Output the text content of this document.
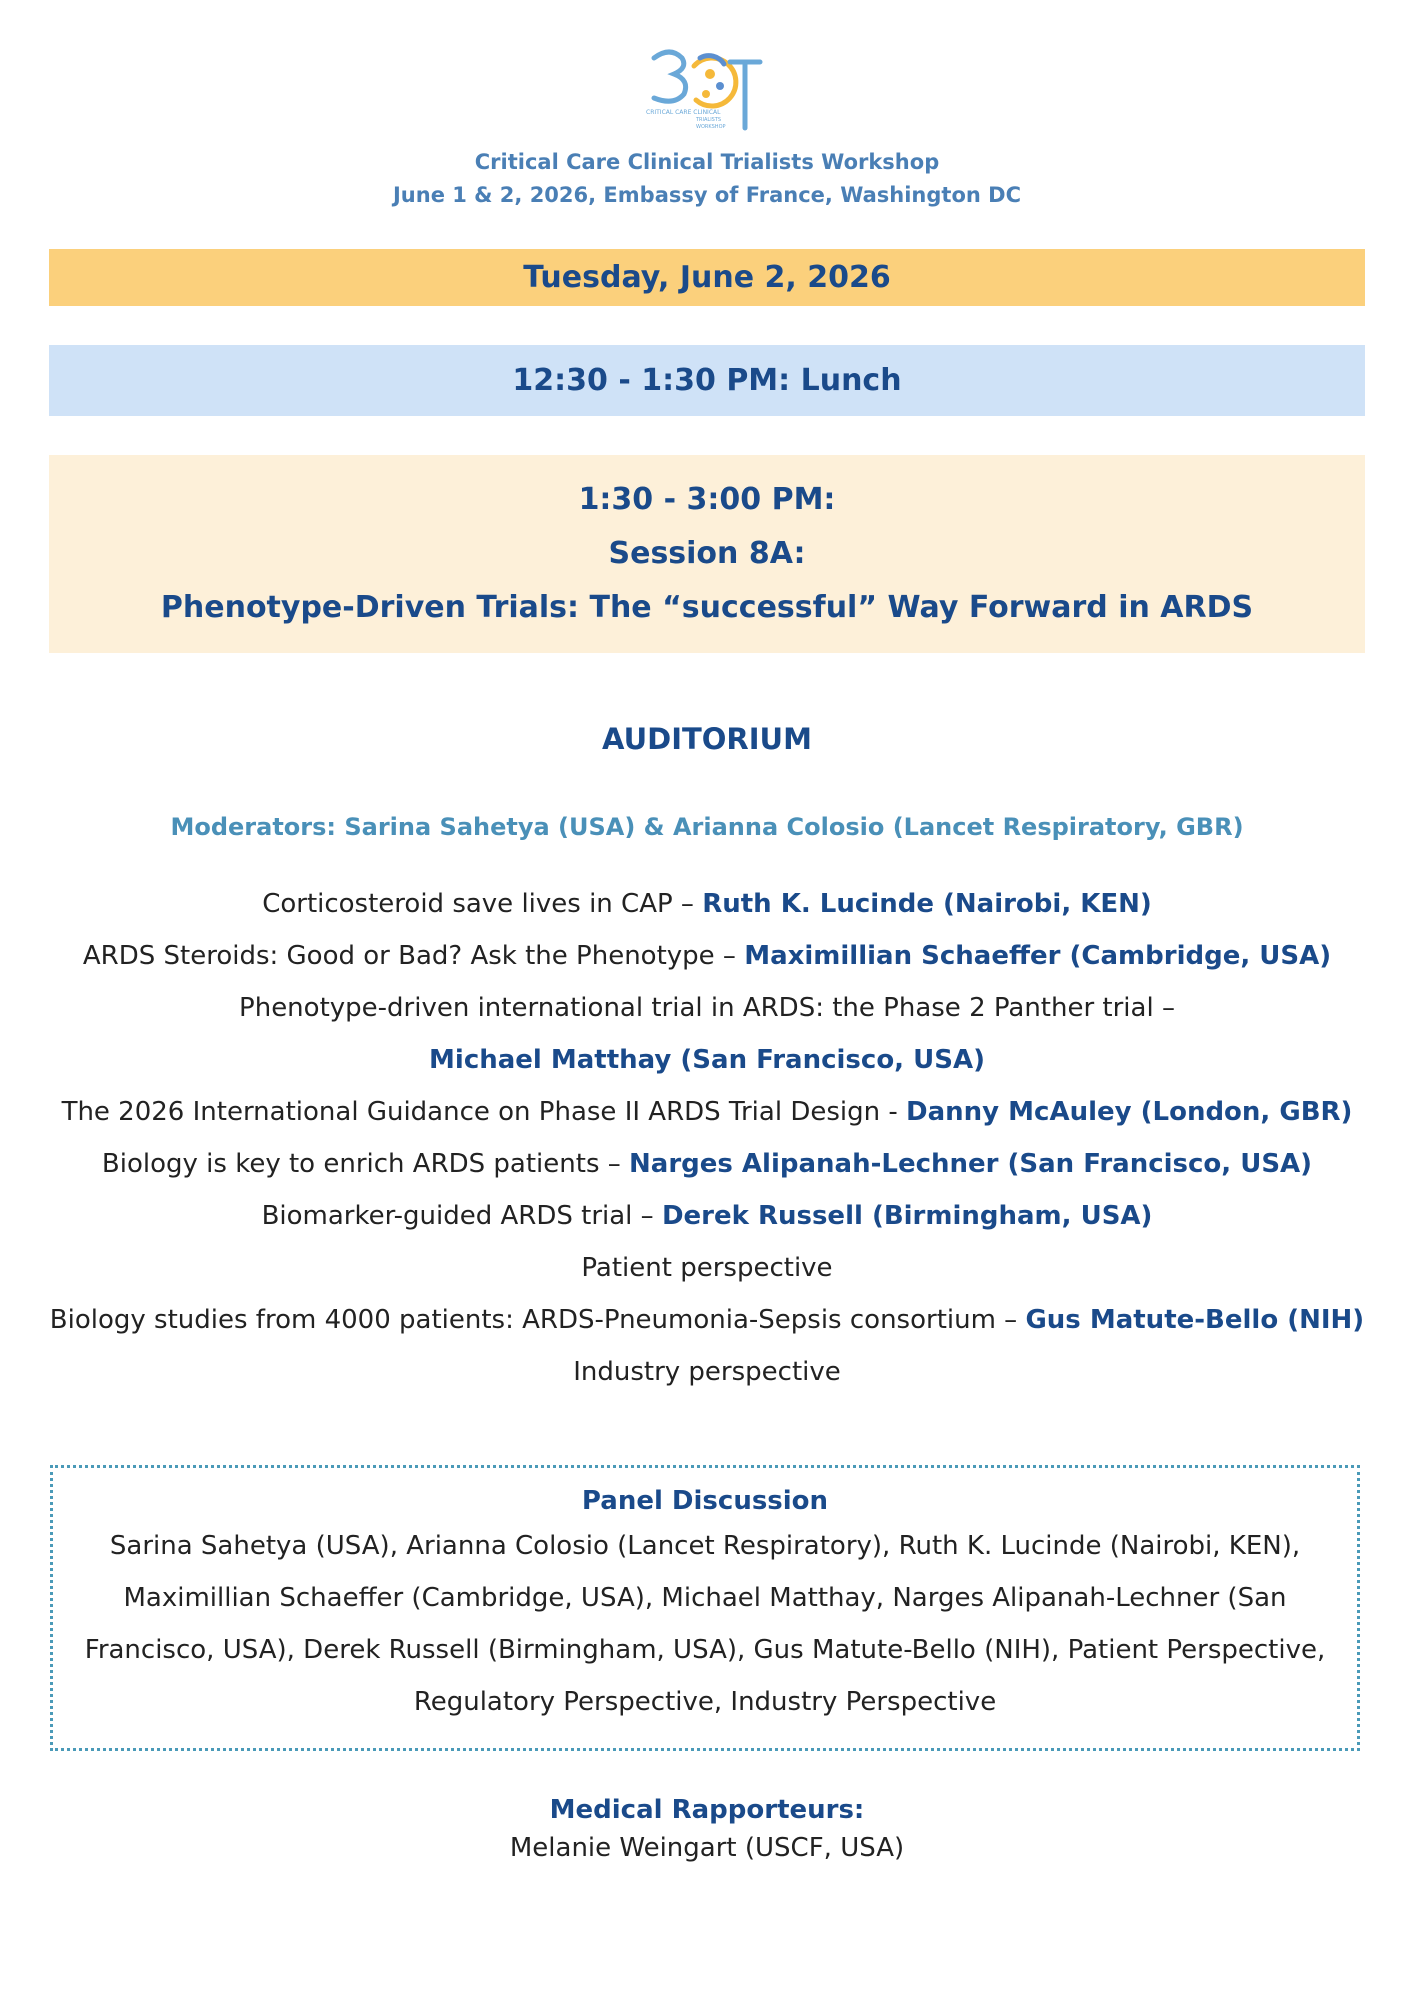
CRITICAL CARE CLINICAL
TRIALISTS
WORKSHOP
Critical Care Clinical Trialists Workshop
June 1 & 2, 2026, Embassy of France, Washington DC
Tuesday, June 2, 2026
12:30 - 1:30 PM: Lunch
1:30 - 3:00 PM:
Session 8A:
Phenotype-Driven Trials: The “successful” Way Forward in ARDS
AUDITORIUM
Moderators: Sarina Sahetya (USA) & Arianna Colosio (Lancet Respiratory, GBR)
Corticosteroid save lives in CAP – Ruth K. Lucinde (Nairobi, KEN)
ARDS Steroids: Good or Bad? Ask the Phenotype – Maximillian Schaeffer (Cambridge, USA)
Phenotype-driven international trial in ARDS: the Phase 2 Panther trial –
Michael Matthay (San Francisco, USA)
The 2026 International Guidance on Phase II ARDS Trial Design - Danny McAuley (London, GBR)
Biology is key to enrich ARDS patients – Narges Alipanah-Lechner (San Francisco, USA)
Biomarker-guided ARDS trial – Derek Russell (Birmingham, USA)
Patient perspective
Biology studies from 4000 patients: ARDS-Pneumonia-Sepsis consortium – Gus Matute-Bello (NIH)
Industry perspective
Panel Discussion
Sarina Sahetya (USA), Arianna Colosio (Lancet Respiratory), Ruth K. Lucinde (Nairobi, KEN), Maximillian Schaeffer (Cambridge, USA), Michael Matthay, Narges Alipanah-Lechner (San Francisco, USA), Derek Russell (Birmingham, USA), Gus Matute-Bello (NIH), Patient Perspective, Regulatory Perspective, Industry Perspective
Medical Rapporteurs:
Melanie Weingart (USCF, USA)
